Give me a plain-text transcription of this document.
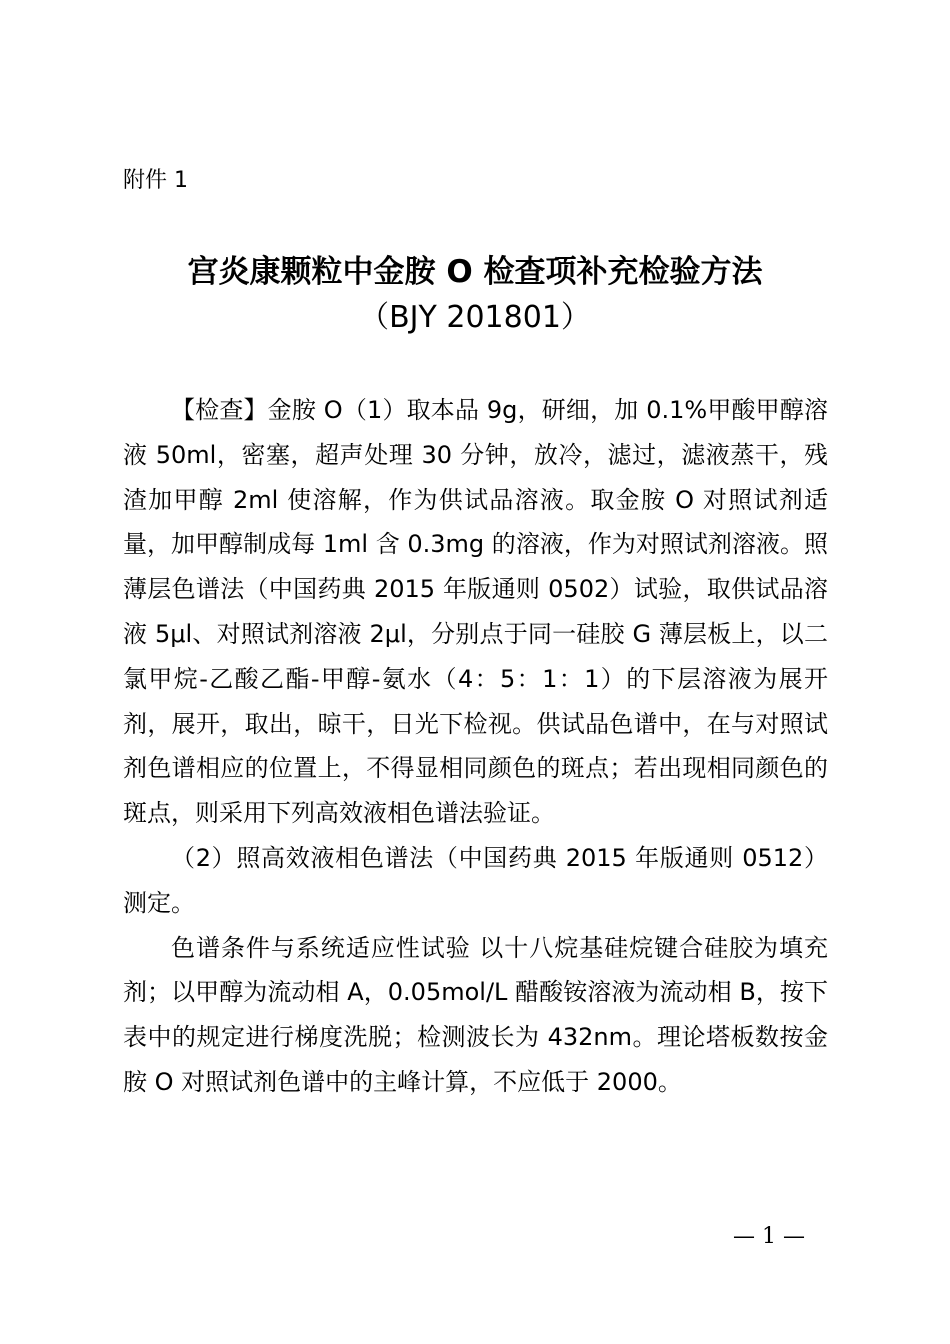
附件 1
宫炎康颗粒中金胺 O 检查项补充检验方法
（BJY 201801）

【检查】金胺 O（1）取本品 9g，研细，加 0.1%甲酸甲醇溶液 50ml，密塞，超声处理 30 分钟，放冷，滤过，滤液蒸干，残渣加甲醇 2ml 使溶解，作为供试品溶液。取金胺 O 对照试剂适量，加甲醇制成每 1ml 含 0.3mg 的溶液，作为对照试剂溶液。照薄层色谱法（中国药典 2015 年版通则 0502）试验，取供试品溶液 5μl、对照试剂溶液 2μl，分别点于同一硅胶 G 薄层板上，以二氯甲烷-乙酸乙酯-甲醇-氨水（4：5：1：1）的下层溶液为展开剂，展开，取出，晾干，日光下检视。供试品色谱中，在与对照试剂色谱相应的位置上，不得显相同颜色的斑点；若出现相同颜色的斑点，则采用下列高效液相色谱法验证。

（2）照高效液相色谱法（中国药典 2015 年版通则 0512）测定。

色谱条件与系统适应性试验 以十八烷基硅烷键合硅胶为填充剂；以甲醇为流动相 A，0.05mol/L 醋酸铵溶液为流动相 B，按下表中的规定进行梯度洗脱；检测波长为 432nm。理论塔板数按金胺 O 对照试剂色谱中的主峰计算，不应低于 2000。

— 1 —
